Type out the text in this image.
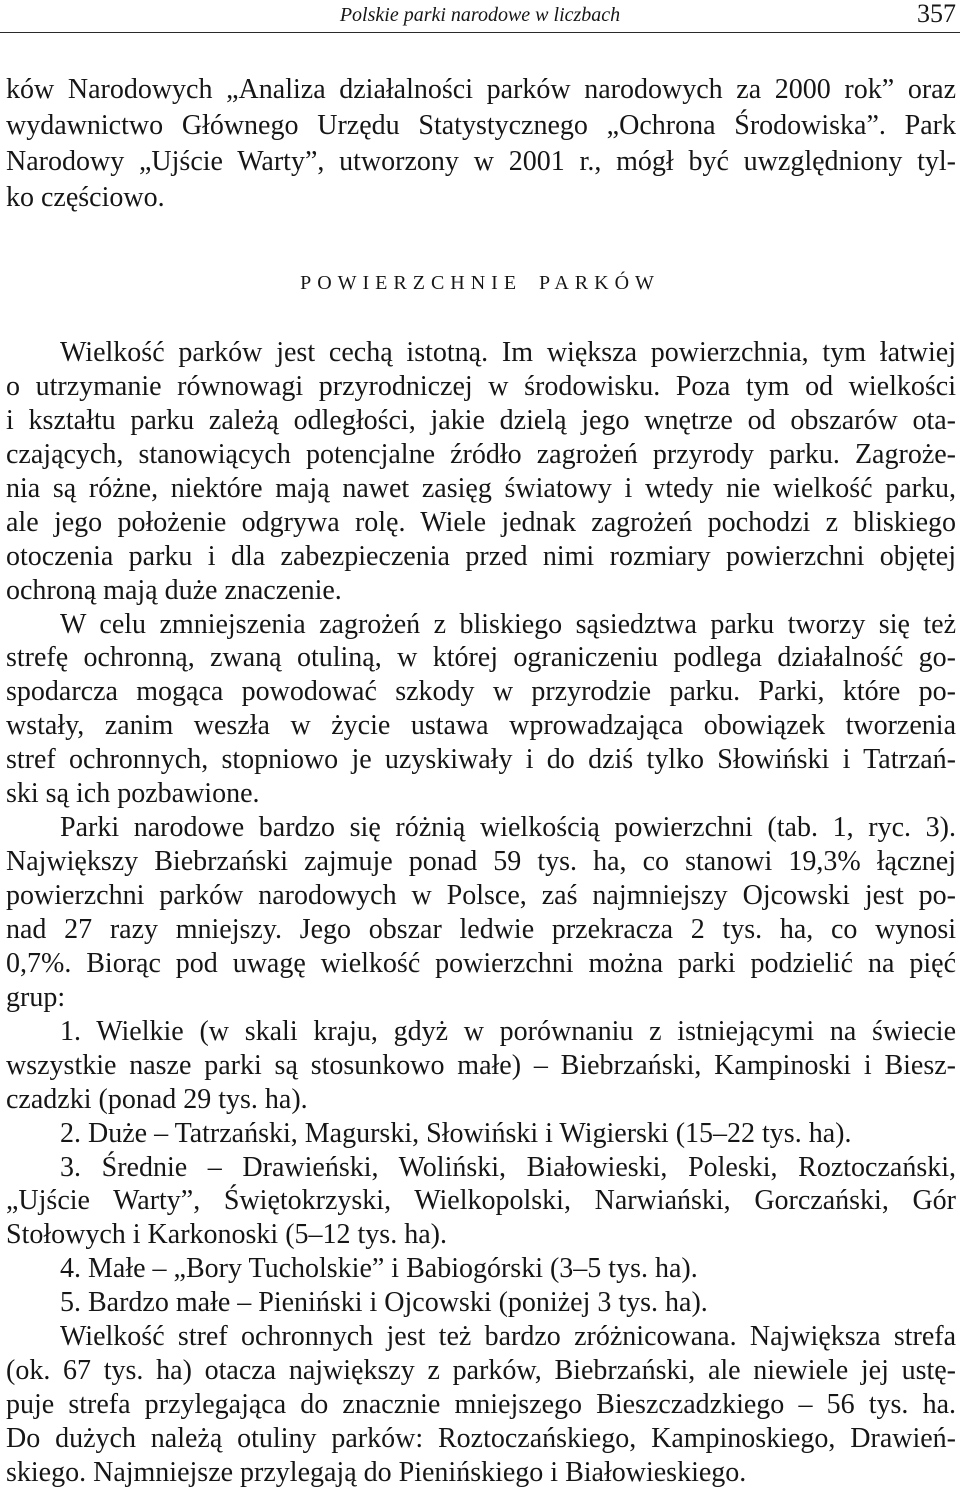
Polskie parki narodowe w liczbach	357
ków Narodowych „Analiza działalności parków narodowych za 2000 rok” oraz
wydawnictwo Głównego Urzędu Statystycznego „Ochrona Środowiska”. Park
Narodowy „Ujście Warty”, utworzony w 2001 r., mógł być uwzględniony tyl-
ko częściowo.
POWIERZCHNIE PARKÓW
Wielkość parków jest cechą istotną. Im większa powierzchnia, tym łatwiej
o utrzymanie równowagi przyrodniczej w środowisku. Poza tym od wielkości
i kształtu parku zależą odległości, jakie dzielą jego wnętrze od obszarów ota-
czających, stanowiących potencjalne źródło zagrożeń przyrody parku. Zagroże-
nia są różne, niektóre mają nawet zasięg światowy i wtedy nie wielkość parku,
ale jego położenie odgrywa rolę. Wiele jednak zagrożeń pochodzi z bliskiego
otoczenia parku i dla zabezpieczenia przed nimi rozmiary powierzchni objętej
ochroną mają duże znaczenie.
W celu zmniejszenia zagrożeń z bliskiego sąsiedztwa parku tworzy się też
strefę ochronną, zwaną otuliną, w której ograniczeniu podlega działalność go-
spodarcza mogąca powodować szkody w przyrodzie parku. Parki, które po-
wstały, zanim weszła w życie ustawa wprowadzająca obowiązek tworzenia
stref ochronnych, stopniowo je uzyskiwały i do dziś tylko Słowiński i Tatrzań-
ski są ich pozbawione.
Parki narodowe bardzo się różnią wielkością powierzchni (tab. 1, ryc. 3).
Największy Biebrzański zajmuje ponad 59 tys. ha, co stanowi 19,3% łącznej
powierzchni parków narodowych w Polsce, zaś najmniejszy Ojcowski jest po-
nad 27 razy mniejszy. Jego obszar ledwie przekracza 2 tys. ha, co wynosi
0,7%. Biorąc pod uwagę wielkość powierzchni można parki podzielić na pięć
grup:
1. Wielkie (w skali kraju, gdyż w porównaniu z istniejącymi na świecie
wszystkie nasze parki są stosunkowo małe) – Biebrzański, Kampinoski i Biesz-
czadzki (ponad 29 tys. ha).
2. Duże – Tatrzański, Magurski, Słowiński i Wigierski (15–22 tys. ha).
3. Średnie – Drawieński, Woliński, Białowieski, Poleski, Roztoczański,
„Ujście Warty”, Świętokrzyski, Wielkopolski, Narwiański, Gorczański, Gór
Stołowych i Karkonoski (5–12 tys. ha).
4. Małe – „Bory Tucholskie” i Babiogórski (3–5 tys. ha).
5. Bardzo małe – Pieniński i Ojcowski (poniżej 3 tys. ha).
Wielkość stref ochronnych jest też bardzo zróżnicowana. Największa strefa
(ok. 67 tys. ha) otacza największy z parków, Biebrzański, ale niewiele jej ustę-
puje strefa przylegająca do znacznie mniejszego Bieszczadzkiego – 56 tys. ha.
Do dużych należą otuliny parków: Roztoczańskiego, Kampinoskiego, Drawień-
skiego. Najmniejsze przylegają do Pienińskiego i Białowieskiego.
